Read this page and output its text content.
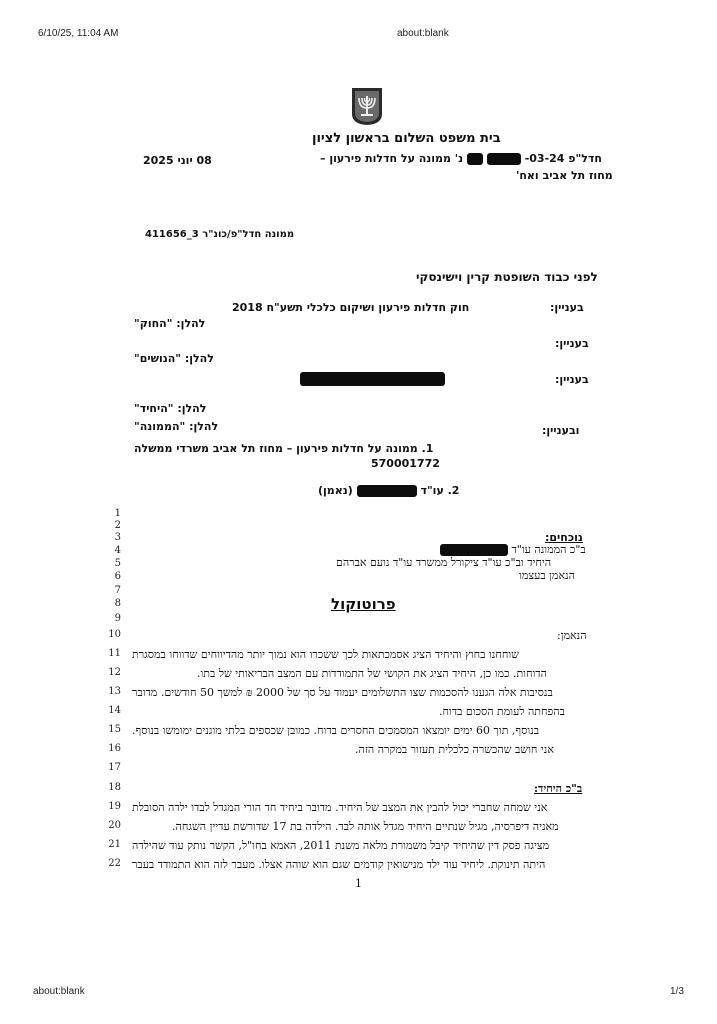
6/10/25, 11:04 AM	about:blank
about:blank	1/3
בית משפט השלום בראשון לציון
08 יוני 2025	נ' ממונה על חדלות פירעון –	-03-24 חדל"פ
מחוז תל אביב ואח'
ממונה חדל"פ/כונ"ר 3_411656
לפני כבוד השופטת קרין וישינסקי
בעניין:
חוק חדלות פירעון ושיקום כלכלי תשע"ח 2018
להלן: "החוק"
בעניין:
להלן: "הנושים"
בעניין:
להלן: "היחיד"
ובעניין:
להלן: "הממונה"
1. ממונה על חדלות פירעון – מחוז תל אביב משרדי ממשלה
570001772
(נאמן)	2. עו"ד
1
2
3
4
5
6
7
8
9
10
11
12
13
14
15
16
17
18
19
20
21
22
נוכחים:
ב"כ הממונה עו"ד
היחיד וב"כ עו"ד ציקורל ממשרד עו"ד נועם אברהם
הנאמן בעצמו
פרוטוקול
הנאמן:
שוחחנו בחוץ והיחיד הציג אסמכתאות לכך ששכרו הוא נמוך יותר מהדיווחים שדווחו במסגרת
הדוחות. כמו כן, היחיד הציג את הקושי של התמודדות עם המצב הבריאותי של בתו.
בנסיבות אלה הגענו להסכמות שצו התשלומים יעמוד על סך של 2000 ₪ למשך 50 חודשים. מדובר
בהפחתה לעומת הסכום בדוח.
בנוסף, תוך 60 ימים יומצאו המסמכים החסרים בדוח. כמובן שכספים בלתי מוגנים ימומשו בנוסף.
אני חושב שהכשרה כלכלית תעזור במקרה הזה.
ב"כ היחיד:
אני שמחה שחברי יכול להבין את המצב של היחיד. מדובר ביחיד חד הורי המגדל לבדו ילדה הסובלת
מאניה דיפרסיה, מגיל שנתיים היחיד מגדל אותה לבד. הילדה בת 17 שדורשת עדיין השגחה.
מציגה פסק דין שהיחיד קיבל משמורת מלאה משנת 2011, האמא בחו"ל, הקשר נותק עוד שהילדה
היתה תינוקת. ליחיד עוד ילד מנישואין קודמים שגם הוא שוהה אצלו. מעבר לזה הוא התמודד בעבר
1
